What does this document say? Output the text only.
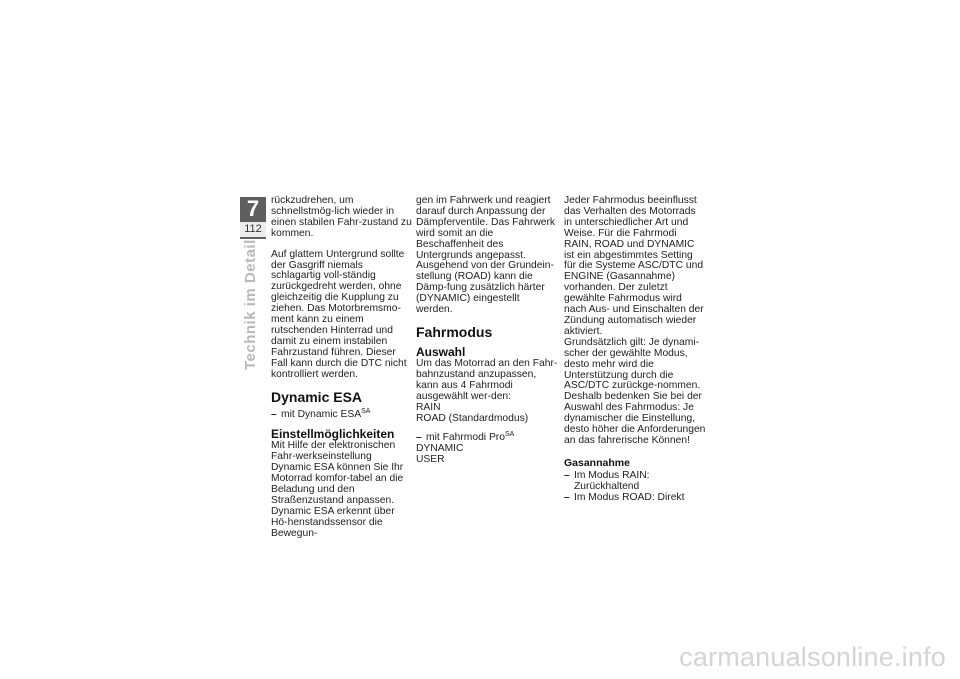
7
112
Technik im Detail

rückzudrehen, um schnellstmög-lich wieder in einen stabilen Fahr-zustand zu kommen.

Auf glattem Untergrund sollte der Gasgriff niemals schlagartig voll-ständig zurückgedreht werden, ohne gleichzeitig die Kupplung zu ziehen. Das Motorbremsmo-ment kann zu einem rutschenden Hinterrad und damit zu einem instabilen Fahrzustand führen. Dieser Fall kann durch die DTC nicht kontrolliert werden.

Dynamic ESA
– mit Dynamic $ESA^{SA}$
Einstellmöglichkeiten

Mit Hilfe der elektronischen Fahr-werkseinstellung Dynamic ESA können Sie Ihr Motorrad komfor-tabel an die Beladung und den Straßenzustand anpassen. Dynamic ESA erkennt über Hö-henstandssensor die Bewegun-

gen im Fahrwerk und reagiert darauf durch Anpassung der Dämpferventile. Das Fahrwerk wird somit an die Beschaffenheit des Untergrunds angepasst. Ausgehend von der Grundein-stellung (ROAD) kann die Dämp-fung zusätzlich härter (DYNAMIC) eingestellt werden.

Fahrmodus
Auswahl

Um das Motorrad an den Fahr-bahnzustand anzupassen, kann aus 4 Fahrmodi ausgewählt wer-den:

RAIN

ROAD (Standardmodus)

– mit Fahrmodi Pro$^{SA}$

DYNAMIC

USER

Jeder Fahrmodus beeinflusst das Verhalten des Motorrads in unterschiedlicher Art und Weise. Für die Fahrmodi RAIN, ROAD und DYNAMIC ist ein abgestimmtes Setting für die Systeme ASC/DTC und ENGINE (Gasannahme) vorhanden. Der zuletzt gewählte Fahrmodus wird nach Aus- und Einschalten der Zündung automatisch wieder aktiviert.

Grundsätzlich gilt: Je dynami-scher der gewählte Modus, desto mehr wird die Unterstützung durch die ASC/DTC zurückge-nommen. Deshalb bedenken Sie bei der Auswahl des Fahrmodus: Je dynamischer die Einstellung, desto höher die Anforderungen an das fahrerische Können!

Gasannahme
– Im Modus RAIN: Zurückhaltend
– Im Modus ROAD: Direkt
carmanualsonline.info
